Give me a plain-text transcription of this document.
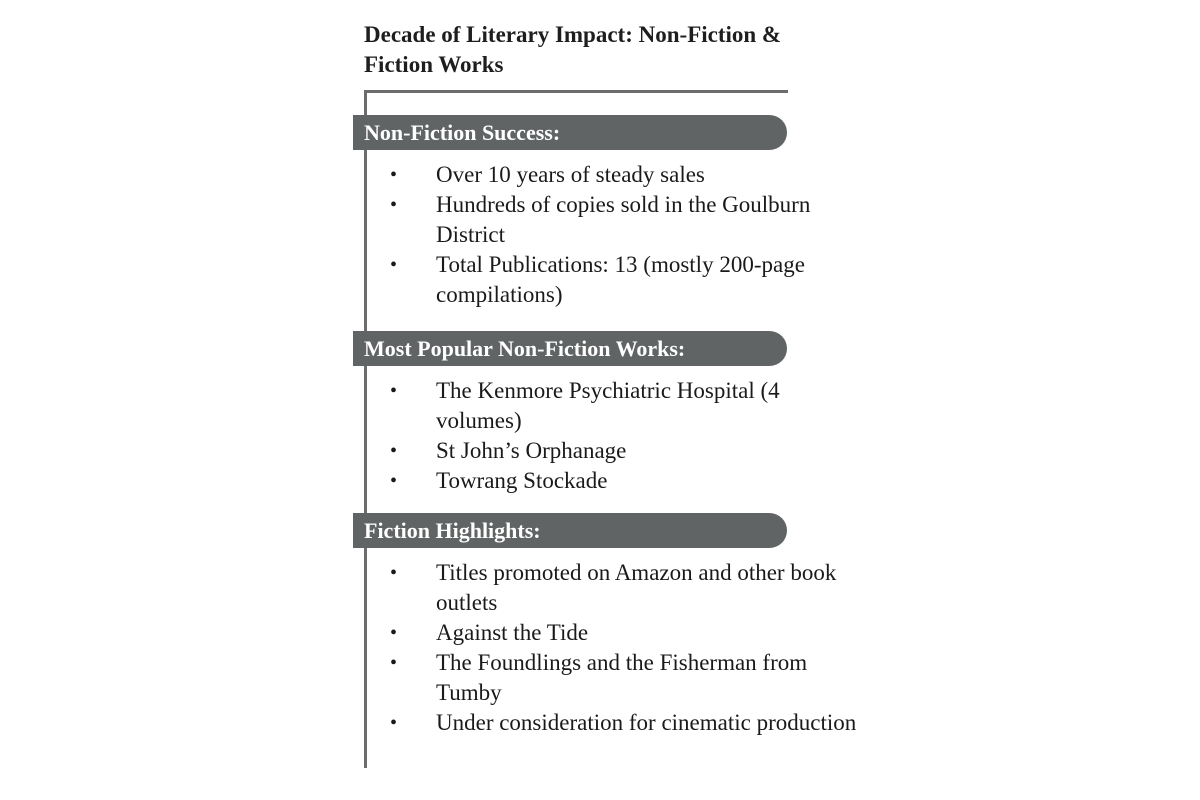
Decade of Literary Impact: Non-Fiction & Fiction Works
Non-Fiction Success:
• Over 10 years of steady sales
• Hundreds of copies sold in the Goulburn District
• Total Publications: 13 (mostly 200-page compilations)
Most Popular Non-Fiction Works:
• The Kenmore Psychiatric Hospital (4 volumes)
• St John’s Orphanage
• Towrang Stockade
Fiction Highlights:
• Titles promoted on Amazon and other book outlets
• Against the Tide
• The Foundlings and the Fisherman from Tumby
• Under consideration for cinematic production
